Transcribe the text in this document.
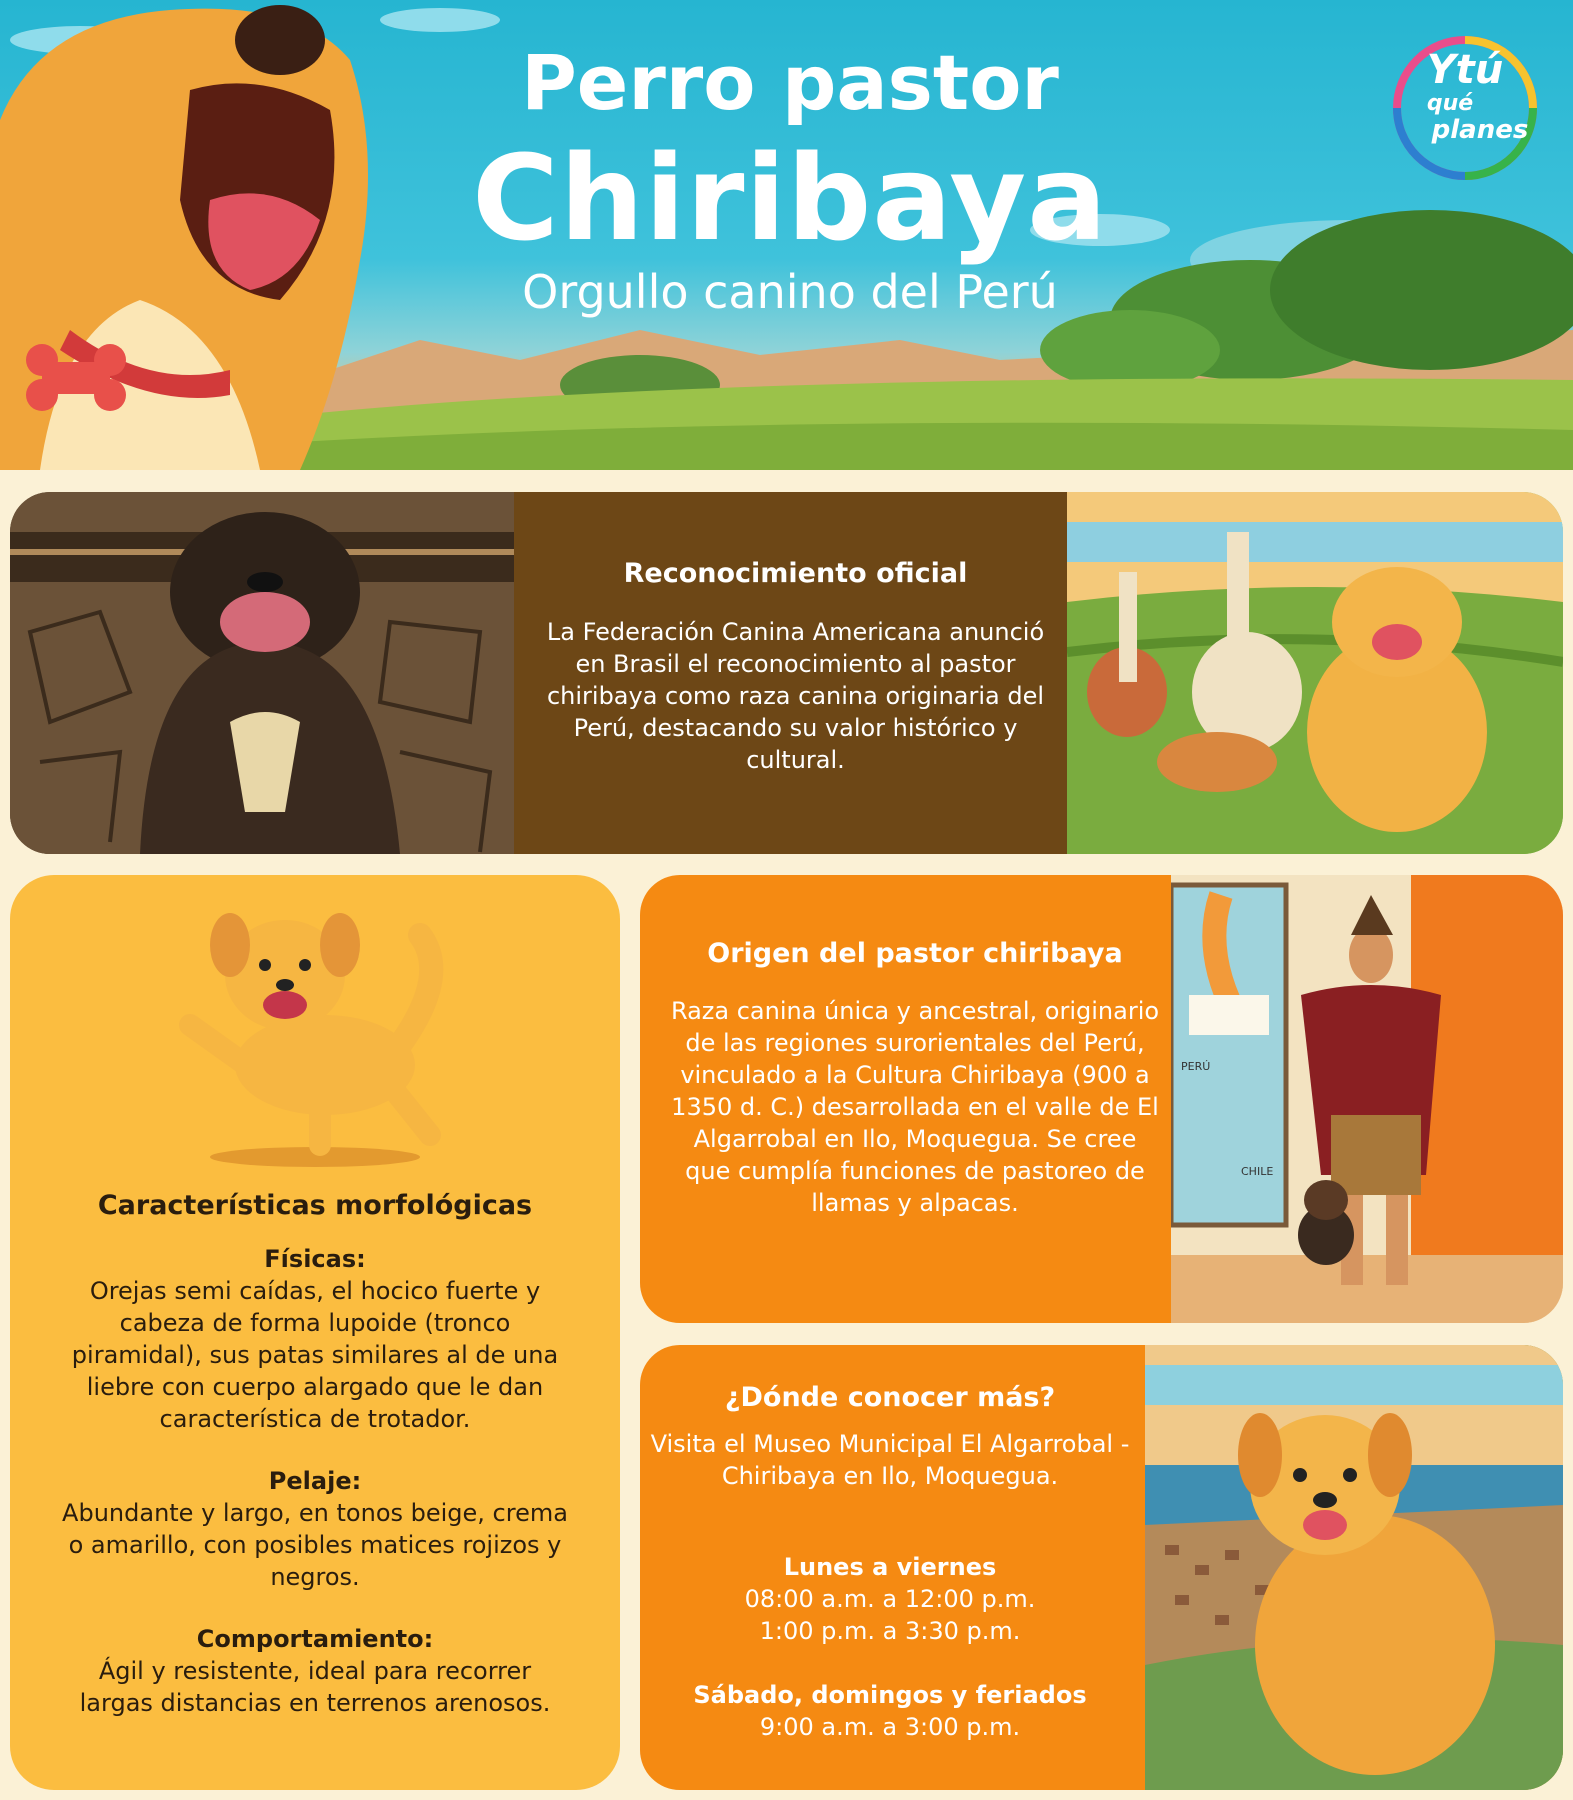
Perro pastor
Chiribaya
Orgullo canino del Perú
Ytú
qué
planes
Reconocimiento oficial
La Federación Canina Americana anunció en Brasil el reconocimiento al pastor chiribaya como raza canina originaria del Perú, destacando su valor histórico y cultural.
Características morfológicas
Físicas:
Orejas semi caídas, el hocico fuerte y cabeza de forma lupoide (tronco piramidal), sus patas similares al de una liebre con cuerpo alargado que le dan característica de trotador.
Pelaje:
Abundante y largo, en tonos beige, crema o amarillo, con posibles matices rojizos y negros.
Comportamiento:
Ágil y resistente, ideal para recorrer largas distancias en terrenos arenosos.
Origen del pastor chiribaya
Raza canina única y ancestral, originario de las regiones surorientales del Perú, vinculado a la Cultura Chiribaya (900 a 1350 d. C.) desarrollada en el valle de El Algarrobal en Ilo, Moquegua. Se cree que cumplía funciones de pastoreo de llamas y alpacas.
PERÚ
CHILE
¿Dónde conocer más?
Visita el Museo Municipal El Algarrobal - Chiribaya en Ilo, Moquegua.
Lunes a viernes
08:00 a.m. a 12:00 p.m.
1:00 p.m. a 3:30 p.m.
Sábado, domingos y feriados
9:00 a.m. a 3:00 p.m.
